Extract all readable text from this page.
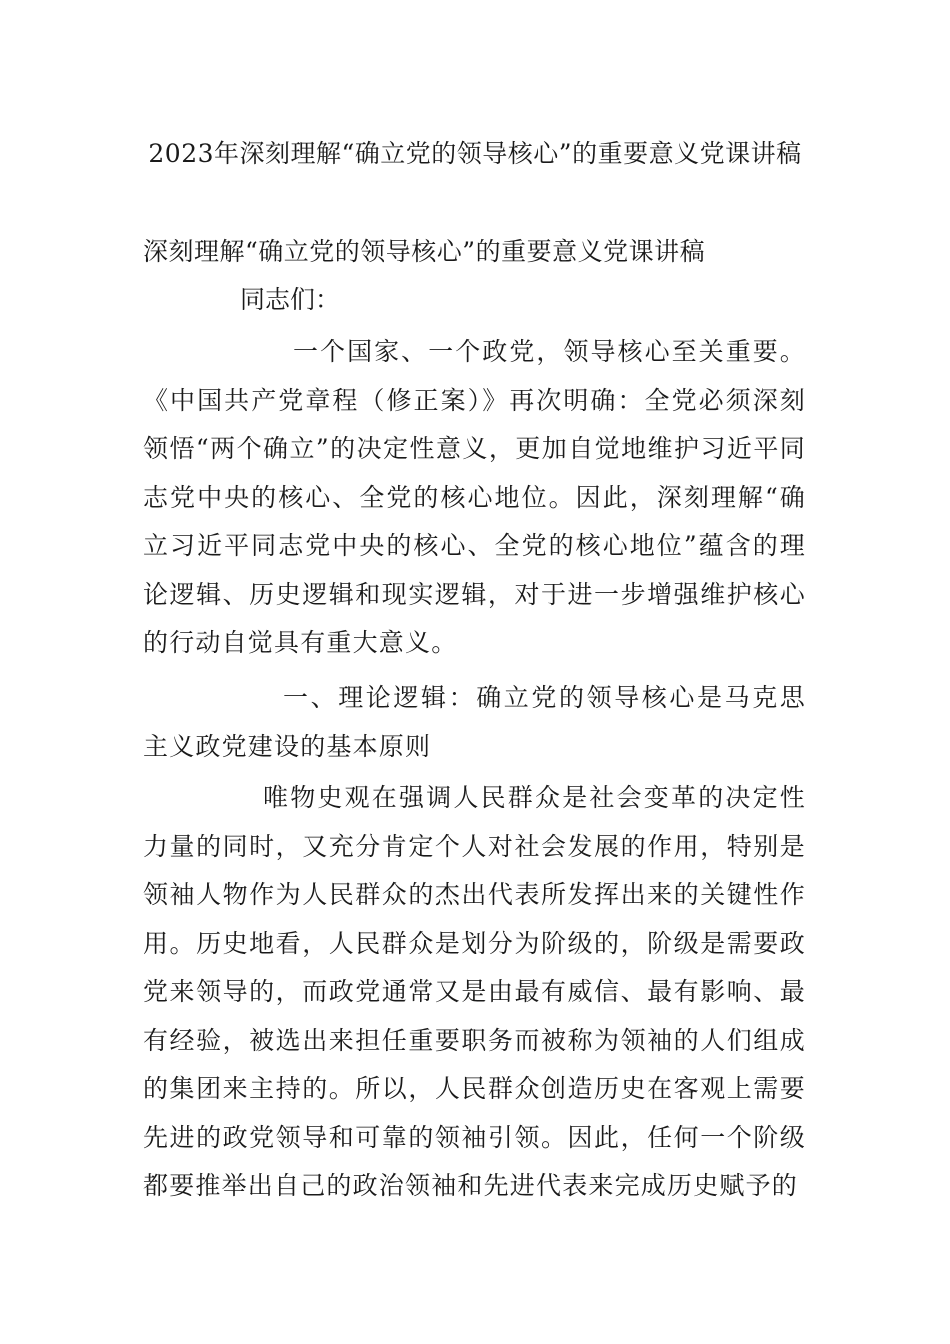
2023年深刻理解“确立党的领导核心”的重要意义党课讲稿

深刻理解“确立党的领导核心”的重要意义党课讲稿

同志们：

一个国家、一个政党，领导核心至关重要。《中国共产党章程（修正案）》再次明确：全党必须深刻领悟“两个确立”的决定性意义，更加自觉地维护习近平同志党中央的核心、全党的核心地位。因此，深刻理解“确立习近平同志党中央的核心、全党的核心地位”蕴含的理论逻辑、历史逻辑和现实逻辑，对于进一步增强维护核心的行动自觉具有重大意义。

一、理论逻辑：确立党的领导核心是马克思主义政党建设的基本原则

唯物史观在强调人民群众是社会变革的决定性力量的同时，又充分肯定个人对社会发展的作用，特别是领袖人物作为人民群众的杰出代表所发挥出来的关键性作用。历史地看，人民群众是划分为阶级的，阶级是需要政党来领导的，而政党通常又是由最有威信、最有影响、最有经验，被选出来担任重要职务而被称为领袖的人们组成的集团来主持的。所以，人民群众创造历史在客观上需要先进的政党领导和可靠的领袖引领。因此，任何一个阶级都要推举出自己的政治领袖和先进代表来完成历史赋予的
